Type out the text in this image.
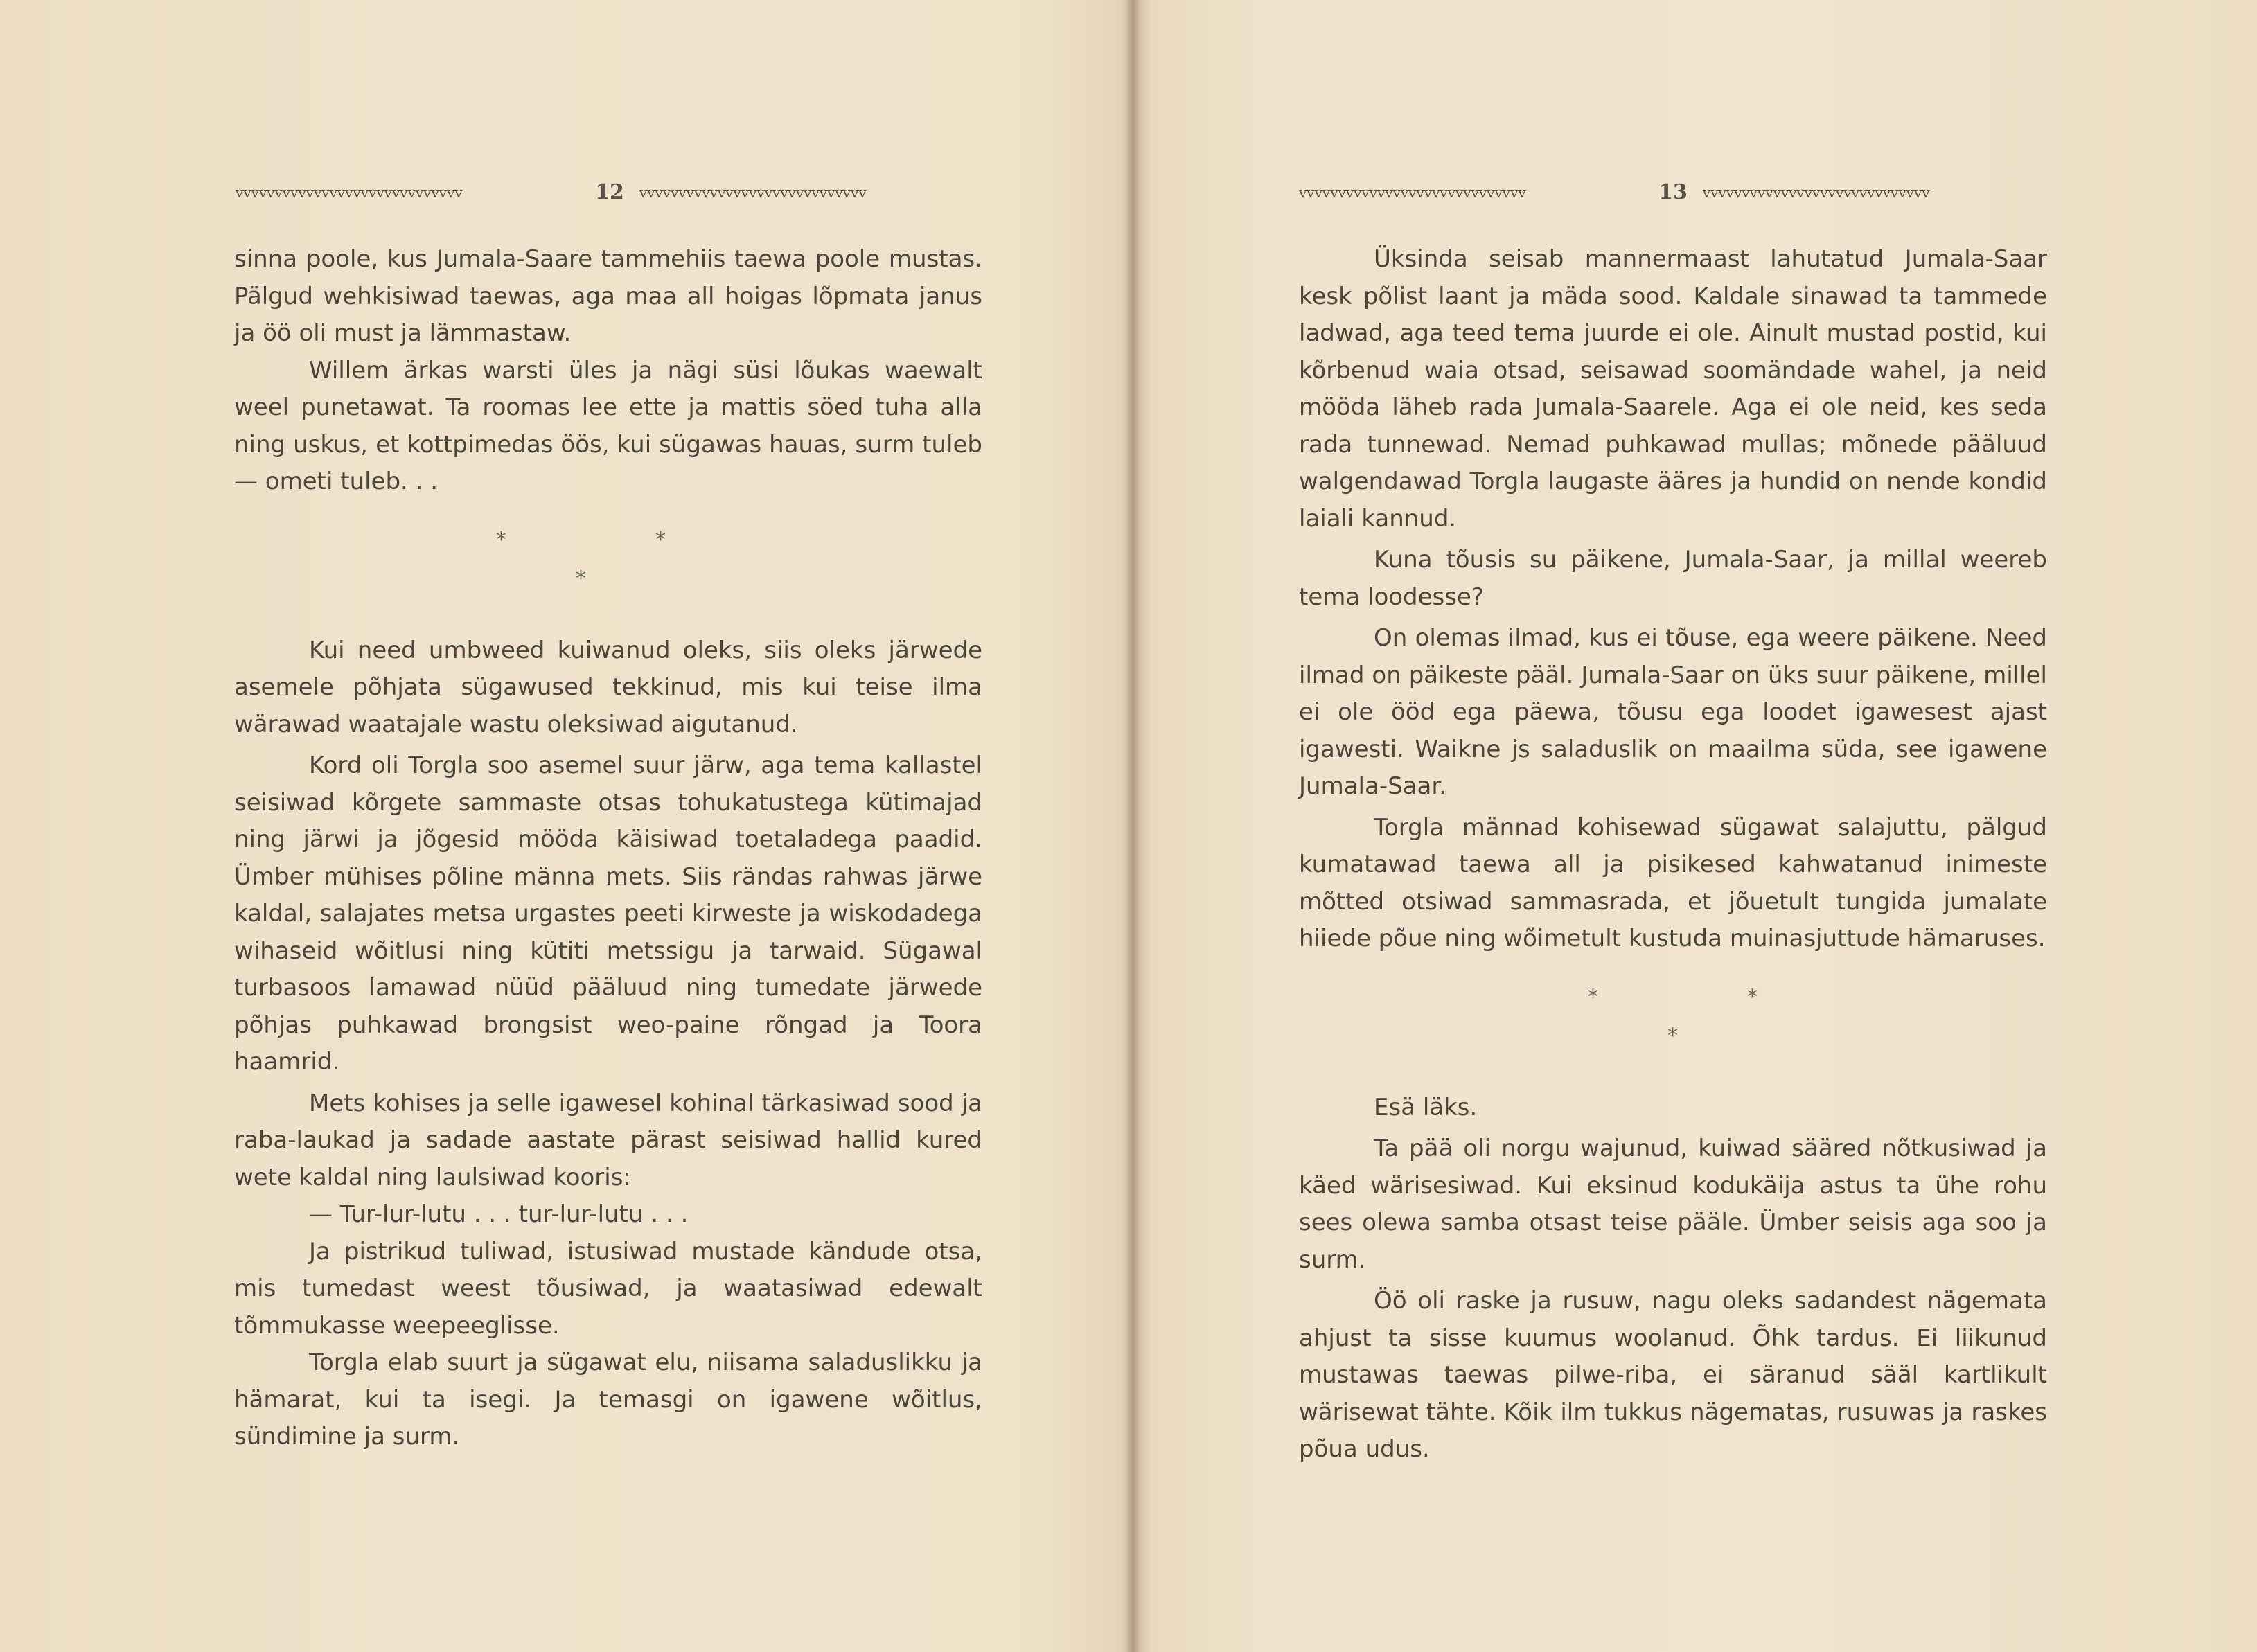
vvvvvvvvvvvvvvvvvvvvvvvvvvvvv	12	vvvvvvvvvvvvvvvvvvvvvvvvvvvvv

sinna poole, kus Jumala-Saare tammehiis taewa poole mustas. Pälgud wehkisiwad taewas, aga maa all hoigas lõpmata janus ja öö oli must ja lämmastaw.

Willem ärkas warsti üles ja nägi süsi lõukas waewalt weel punetawat. Ta roomas lee ette ja mattis söed tuha alla ning uskus, et kottpimedas öös, kui sügawas hauas, surm tuleb — ometi tuleb. . .

*	*
*

Kui need umbweed kuiwanud oleks, siis oleks järwede asemele põhjata sügawused tekkinud, mis kui teise ilma wärawad waatajale wastu oleksiwad aigutanud.

Kord oli Torgla soo asemel suur järw, aga tema kallastel seisiwad kõrgete sammaste otsas tohukatustega kütimajad ning järwi ja jõgesid mööda käisiwad toetaladega paadid. Ümber mühises põline männa mets. Siis rändas rahwas järwe kaldal, salajates metsa urgastes peeti kirweste ja wiskodadega wihaseid wõitlusi ning kütiti metssigu ja tarwaid. Sügawal turbasoos lamawad nüüd pääluud ning tumedate järwede põhjas puhkawad brongsist weo-paine rõngad ja Toora haamrid.

Mets kohises ja selle igawesel kohinal tärkasiwad sood ja raba-laukad ja sadade aastate pärast seisiwad hallid kured wete kaldal ning laulsiwad kooris:

— Tur-lur-lutu . . . tur-lur-lutu . . .

Ja pistrikud tuliwad, istusiwad mustade kändude otsa, mis tumedast weest tõusiwad, ja waatasiwad edewalt tõmmukasse weepeeglisse.

Torgla elab suurt ja sügawat elu, niisama saladuslikku ja hämarat, kui ta isegi. Ja temasgi on igawene wõitlus, sündimine ja surm.

vvvvvvvvvvvvvvvvvvvvvvvvvvvvv	13	vvvvvvvvvvvvvvvvvvvvvvvvvvvvv

Üksinda seisab mannermaast lahutatud Jumala-Saar kesk põlist laant ja mäda sood. Kaldale sinawad ta tammede ladwad, aga teed tema juurde ei ole. Ainult mustad postid, kui kõrbenud waia otsad, seisawad soomändade wahel, ja neid mööda läheb rada Jumala-Saarele. Aga ei ole neid, kes seda rada tunnewad. Nemad puhkawad mullas; mõnede pääluud walgendawad Torgla laugaste ääres ja hundid on nende kondid laiali kannud.

Kuna tõusis su päikene, Jumala-Saar, ja millal weereb tema loodesse?

On olemas ilmad, kus ei tõuse, ega weere päikene. Need ilmad on päikeste pääl. Jumala-Saar on üks suur päikene, millel ei ole ööd ega päewa, tõusu ega loodet igawesest ajast igawesti. Waikne js saladuslik on maailma süda, see igawene Jumala-Saar.

Torgla männad kohisewad sügawat salajuttu, pälgud kumatawad taewa all ja pisikesed kahwatanud inimeste mõtted otsiwad sammasrada, et jõuetult tungida jumalate hiiede põue ning wõimetult kustuda muinasjuttude hämaruses.

*	*
*

Esä läks.

Ta pää oli norgu wajunud, kuiwad sääred nõtkusiwad ja käed wärisesiwad. Kui eksinud kodukäija astus ta ühe rohu sees olewa samba otsast teise pääle. Ümber seisis aga soo ja surm.

Öö oli raske ja rusuw, nagu oleks sadandest nägemata ahjust ta sisse kuumus woolanud. Õhk tardus. Ei liikunud mustawas taewas pilwe-riba, ei säranud sääl kartlikult wärisewat tähte. Kõik ilm tukkus nägematas, rusuwas ja raskes põua udus.
